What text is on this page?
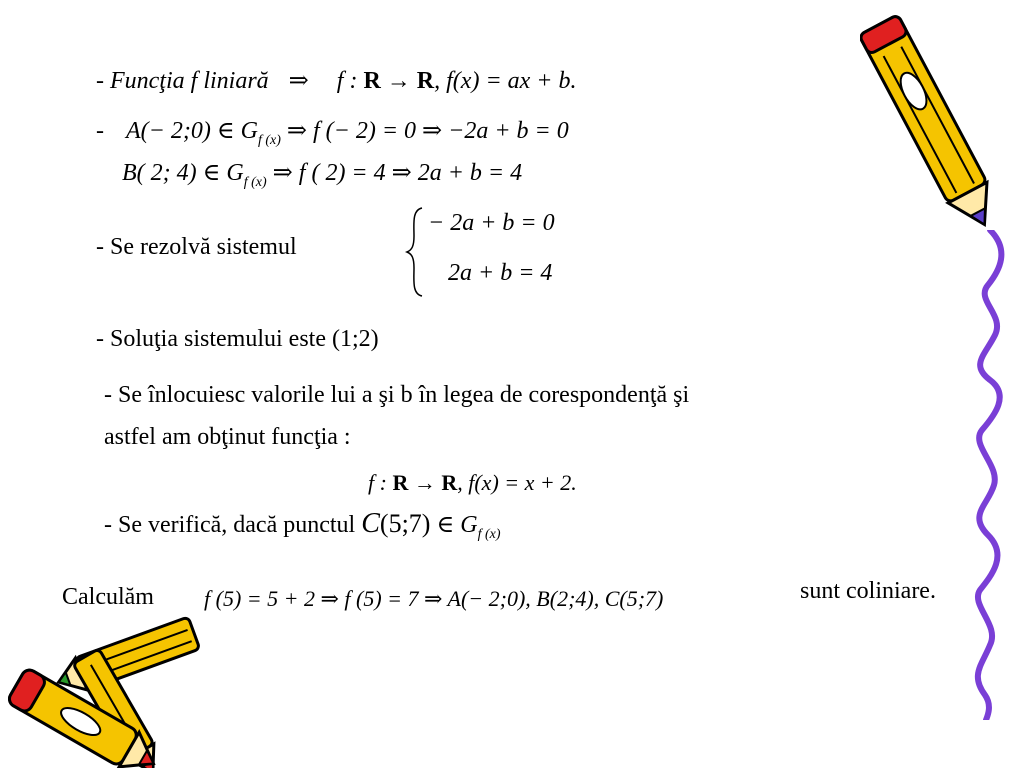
- Funcţia f liniară ⇒ f : R → R, f(x) = ax + b.
- A(− 2;0) ∈ $G_{f (x)}$ ⇒ f (− 2) = 0 ⇒ −2a + b = 0
B( 2; 4) ∈ $G_{f (x)}$ ⇒ f ( 2) = 4 ⇒ 2a + b = 4
- Se rezolvă sistemul
− 2a + b = 0
2a + b = 4
- Soluţia sistemului este (1;2)
- Se înlocuiesc valorile lui a şi b în legea de corespondenţă şi
astfel am obţinut funcţia :
f : R → R, f(x) = x + 2.
- Se verifică, dacă punctul C(5;7) ∈ $G_{f (x)}$
Calculăm f (5) = 5 + 2 ⇒ f (5) = 7 ⇒ A(− 2;0), B(2;4), C(5;7)	sunt coliniare.
